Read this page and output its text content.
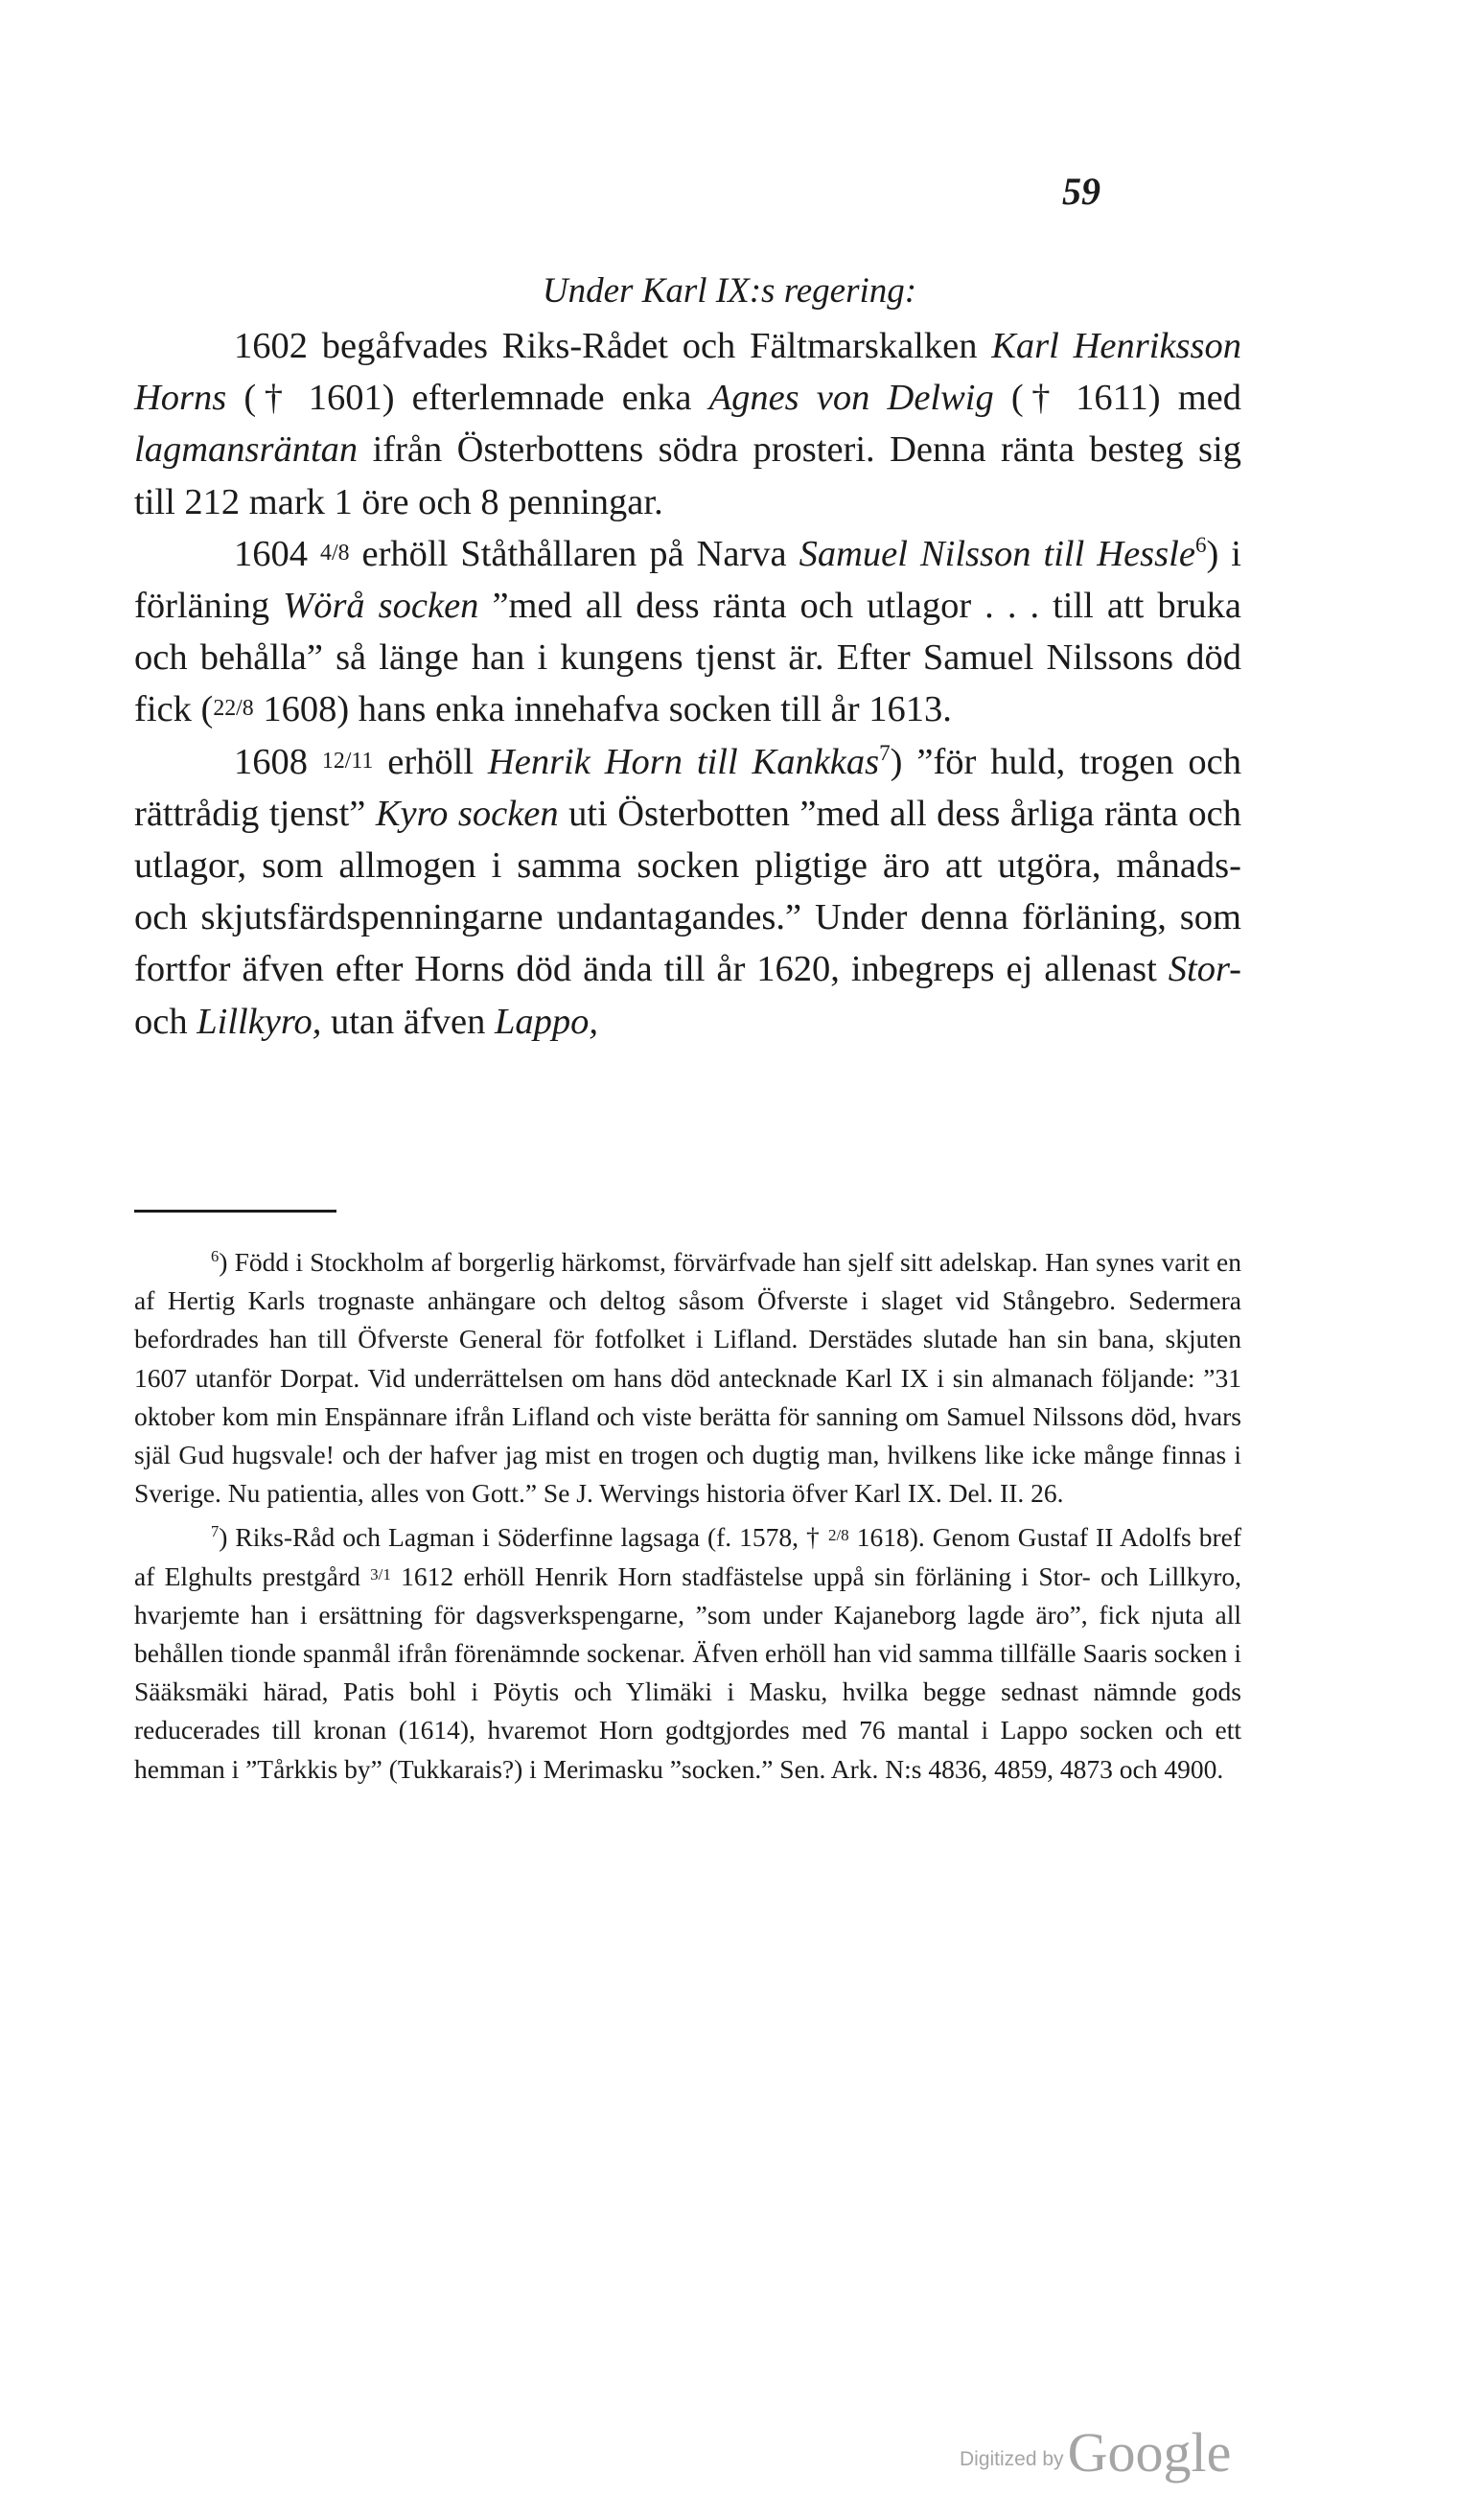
59
Under Karl IX:s regering:

1602 begåfvades Riks-Rådet och Fältmarskalken Karl Henriksson Horns († 1601) efterlemnade enka Agnes von Delwig († 1611) med lagmansräntan ifrån Österbottens södra prosteri. Denna ränta besteg sig till 212 mark 1 öre och 8 penningar.

1604 4/8 erhöll Ståthållaren på Narva Samuel Nilsson till Hessle$^6$) i förläning Wörå socken ”med all dess ränta och utlagor . . . till att bruka och behålla” så länge han i kungens tjenst är. Efter Samuel Nilssons död fick (22/8 1608) hans enka innehafva socken till år 1613.

1608 12/11 erhöll Henrik Horn till Kankkas$^7$) ”för huld, trogen och rättrådig tjenst” Kyro socken uti Österbotten ”med all dess årliga ränta och utlagor, som allmogen i samma socken pligtige äro att utgöra, månads- och skjutsfärdspenningarne undantagandes.” Under denna förläning, som fortfor äfven efter Horns död ända till år 1620, inbegreps ej allenast Stor- och Lillkyro, utan äfven Lappo,

$^6$) Född i Stockholm af borgerlig härkomst, förvärfvade han sjelf sitt adelskap. Han synes varit en af Hertig Karls trognaste anhängare och deltog såsom Öfverste i slaget vid Stångebro. Sedermera befordrades han till Öfverste General för fotfolket i Lifland. Derstädes slutade han sin bana, skjuten 1607 utanför Dorpat. Vid underrättelsen om hans död antecknade Karl IX i sin almanach följande: ”31 oktober kom min Enspännare ifrån Lifland och viste berätta för sanning om Samuel Nilssons död, hvars själ Gud hugsvale! och der hafver jag mist en trogen och dugtig man, hvilkens like icke månge finnas i Sverige. Nu patientia, alles von Gott.” Se J. Wervings historia öfver Karl IX. Del. II. 26.

$^7$) Riks-Råd och Lagman i Söderfinne lagsaga (f. 1578, † $^{2/8}$ 1618). Genom Gustaf II Adolfs bref af Elghults prestgård $^{3/1}$ 1612 erhöll Henrik Horn stadfästelse uppå sin förläning i Stor- och Lillkyro, hvarjemte han i ersättning för dagsverkspengarne, ”som under Kajaneborg lagde äro”, fick njuta all behållen tionde spanmål ifrån förenämnde sockenar. Äfven erhöll han vid samma tillfälle Saaris socken i Sääksmäki härad, Patis bohl i Pöytis och Ylimäki i Masku, hvilka begge sednast nämnde gods reducerades till kronan (1614), hvaremot Horn godtgjordes med 76 mantal i Lappo socken och ett hemman i ”Tårkkis by” (Tukkarais?) i Merimasku ”socken.” Sen. Ark. N:s 4836, 4859, 4873 och 4900.

Digitized by Google
